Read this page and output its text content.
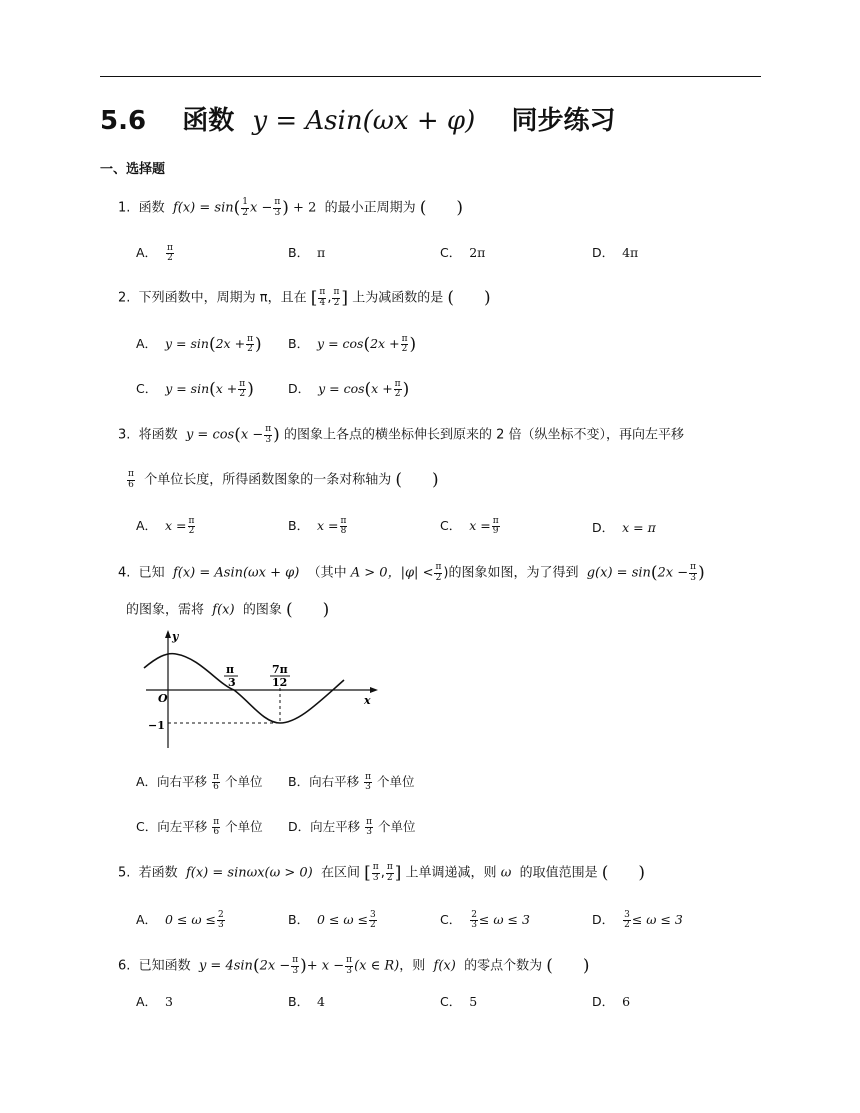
5.6 函数 y = Asin(ωx + φ) 同步练习
一、选择题
1. 函数 $f(x) = \sin( \frac{1}{2}$ $x - \frac{\pi}{3}$ ) + 2 的最小正周期为 ( )
A． $\frac{\pi}{2}$	B． π	C． 2π	D． 4π
2. 下列函数中，周期为 π，且在 [ $\frac{\pi}{4}$ , $\frac{\pi}{2}$ ] 上为减函数的是 ( )
A． $y = \sin(2x + \frac{\pi}{2}$ ) B． $y = \cos(2x + \frac{\pi}{2}$ )
C． $y = \sin(x + \frac{\pi}{2}$ )	D． $y = \cos(x + \frac{\pi}{2}$ )
3. 将函数 $y = \cos(x - \frac{\pi}{3}$ ) 的图象上各点的横坐标伸长到原来的 2 倍（纵坐标不变），再向左平移
$\frac{\pi}{6}$ 个单位长度，所得函数图象的一条对称轴为 ( )
A． $x = \frac{\pi}{2}$	B． $x = \frac{\pi}{8}$	C． $x = \frac{\pi}{9}$	D． x = π
4. 已知 f(x) = Asin(ωx + φ) （其中 A > 0，$|\varphi| < \frac{\pi}{2}$ )的图象如图，为了得到 $g(x) = \sin(2x - \frac{\pi}{3}$ )
的图象，需将 f(x) 的图象 ( )
y
x
O
−1
π
3
7π
12
A．向右平移 $\frac{\pi}{6}$ 个单位 B．向右平移 $\frac{\pi}{3}$ 个单位
C．向左平移 $\frac{\pi}{6}$ 个单位 D．向左平移 $\frac{\pi}{3}$ 个单位
5. 若函数 f(x) = sinωx(ω > 0) 在区间 [ $\frac{\pi}{3}$ , $\frac{\pi}{2}$ ] 上单调递减，则 ω 的取值范围是 ( )
A． $0 \le \omega \le \frac{2}{3}$	B． $0 \le \omega \le \frac{3}{2}$	C． $\frac{2}{3} \le \omega \le 3$	D． $\frac{3}{2} \le \omega \le 3$
6. 已知函数 $y = 4\sin(2x - \frac{\pi}{3}$ )+ $x - \frac{\pi}{3} (x$ ∈ R)，则 f(x) 的零点个数为 ( )
A． 3	B． 4	C． 5	D． 6
